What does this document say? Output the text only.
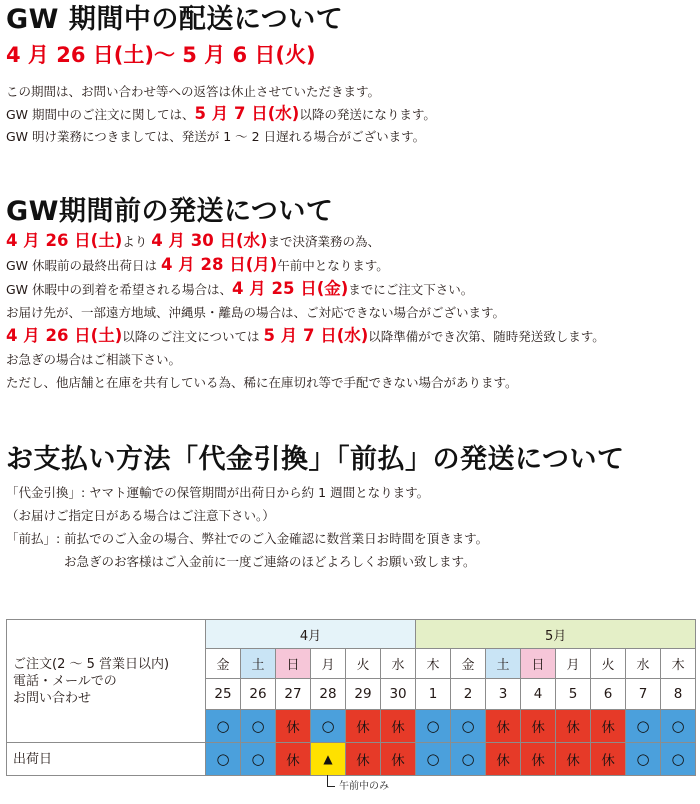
GW 期間中の配送について
4 月 26 日(土)～ 5 月 6 日(火)
この期間は、お問い合わせ等への返答は休止させていただきます。
GW 期間中のご注文に関しては、5 月 7 日(水)以降の発送になります。
GW 明け業務につきましては、発送が 1 ～ 2 日遅れる場合がございます。
GW期間前の発送について
4 月 26 日(土)より 4 月 30 日(水)まで決済業務の為、
GW 休暇前の最終出荷日は 4 月 28 日(月)午前中となります。
GW 休暇中の到着を希望される場合は、4 月 25 日(金)までにご注文下さい。
お届け先が、一部遠方地域、沖縄県・離島の場合は、ご対応できない場合がございます。
4 月 26 日(土)以降のご注文については 5 月 7 日(水)以降準備ができ次第、随時発送致します。
お急ぎの場合はご相談下さい。
ただし、他店舗と在庫を共有している為、稀に在庫切れ等で手配できない場合があります。
お支払い方法「代金引換」「前払」の発送について
「代金引換」: ヤマト運輸での保管期間が出荷日から約 1 週間となります。
（お届けご指定日がある場合はご注意下さい。）
「前払」: 前払でのご入金の場合、弊社でのご入金確認に数営業日お時間を頂きます。
お急ぎのお客様はご入金前に一度ご連絡のほどよろしくお願い致します。
ご注文(2 ～ 5 営業日以内)
電話・メールでの
お問い合わせ	4月						5月							
	金	土	日	月	火	水	木	金	土	日	月	火	水	木
	25	26	27	28	29	30	1	2	3	4	5	6	7	8
	○	○	休	○	休	休	○	○	休	休	休	休	○	○
出荷日	○	○	休	▲	休	休	○	○	休	休	休	休	○	○
午前中のみ
